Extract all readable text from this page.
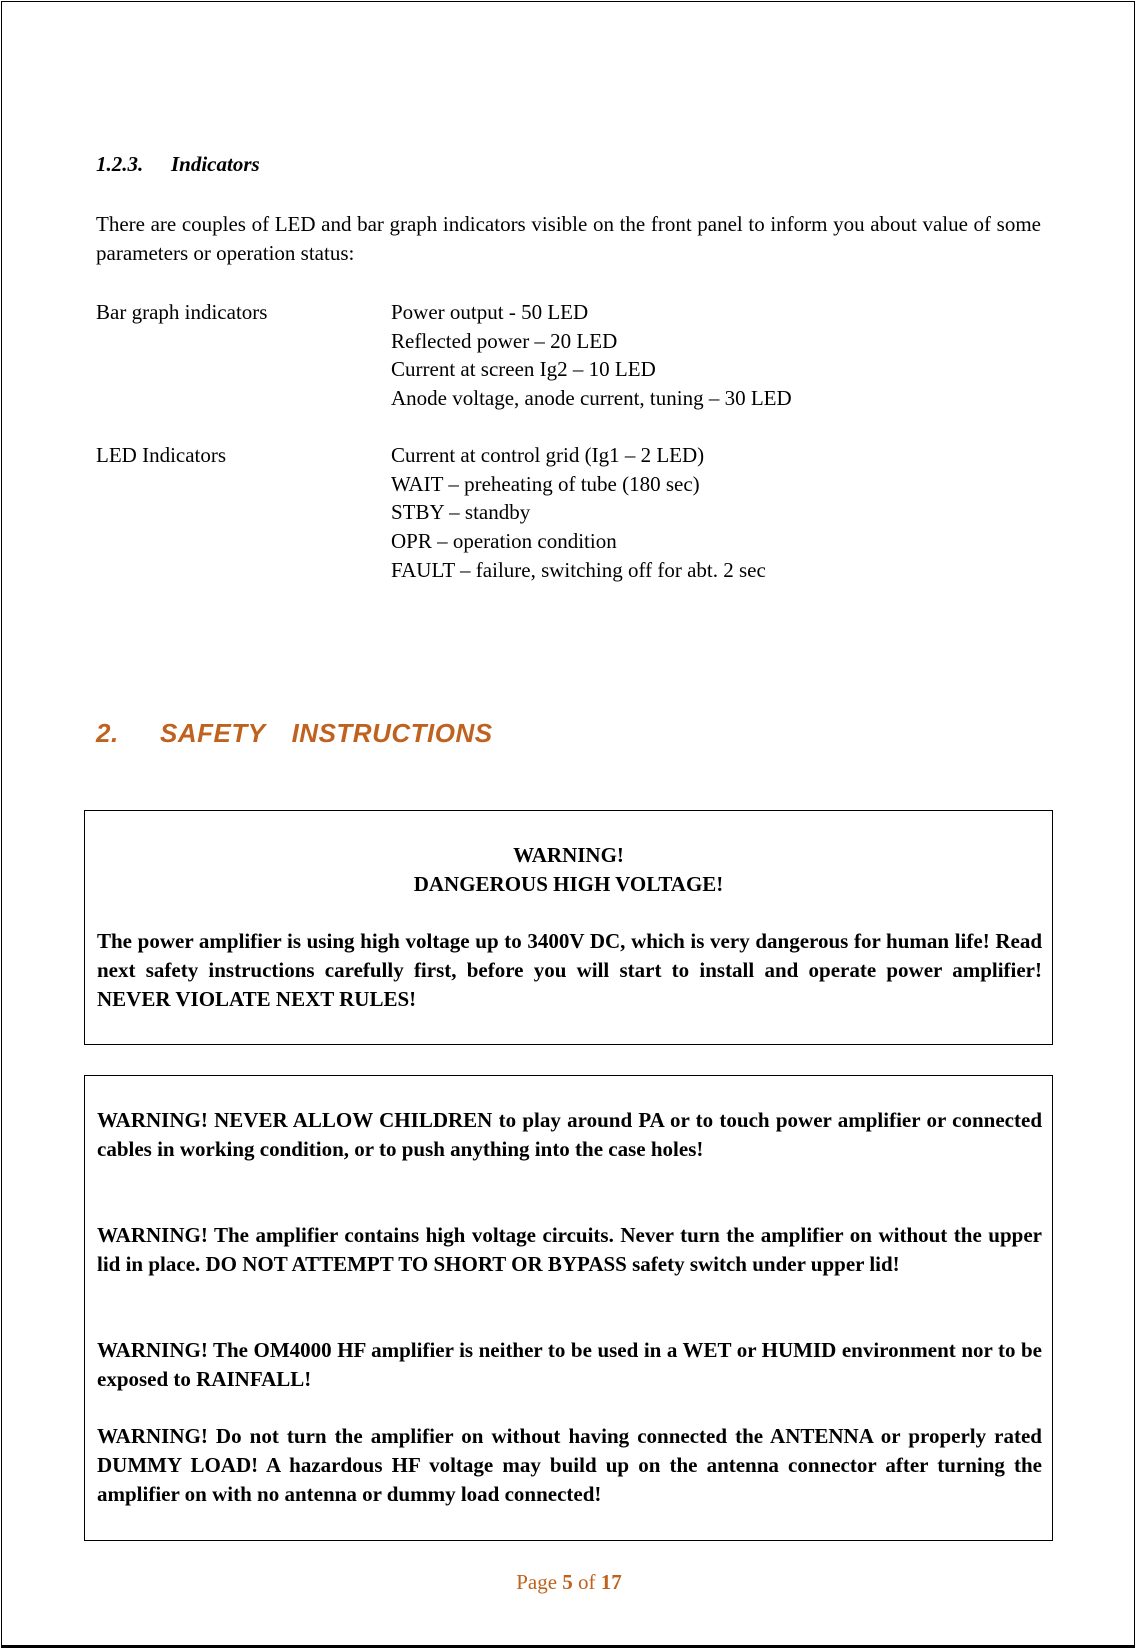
1.2.3. Indicators

There are couples of LED and bar graph indicators visible on the front panel to inform you about value of some parameters or operation status:

Bar graph indicators	Power output - 50 LED
Reflected power – 20 LED
Current at screen Ig2 – 10 LED
Anode voltage, anode current, tuning – 30 LED
LED Indicators	Current at control grid (Ig1 – 2 LED)
WAIT – preheating of tube (180 sec)
STBY – standby
OPR – operation condition
FAULT – failure, switching off for abt. 2 sec
2. SAFETY INSTRUCTIONS
WARNING!
DANGEROUS HIGH VOLTAGE!

The power amplifier is using high voltage up to 3400V DC, which is very dangerous for human life! Read next safety instructions carefully first, before you will start to install and operate power amplifier! NEVER VIOLATE NEXT RULES!

WARNING! NEVER ALLOW CHILDREN to play around PA or to touch power amplifier or connected cables in working condition, or to push anything into the case holes!

WARNING! The amplifier contains high voltage circuits. Never turn the amplifier on without the upper lid in place. DO NOT ATTEMPT TO SHORT OR BYPASS safety switch under upper lid!

WARNING! The OM4000 HF amplifier is neither to be used in a WET or HUMID environment nor to be exposed to RAINFALL!

WARNING! Do not turn the amplifier on without having connected the ANTENNA or properly rated DUMMY LOAD! A hazardous HF voltage may build up on the antenna connector after turning the amplifier on with no antenna or dummy load connected!

Page 5 of 17
